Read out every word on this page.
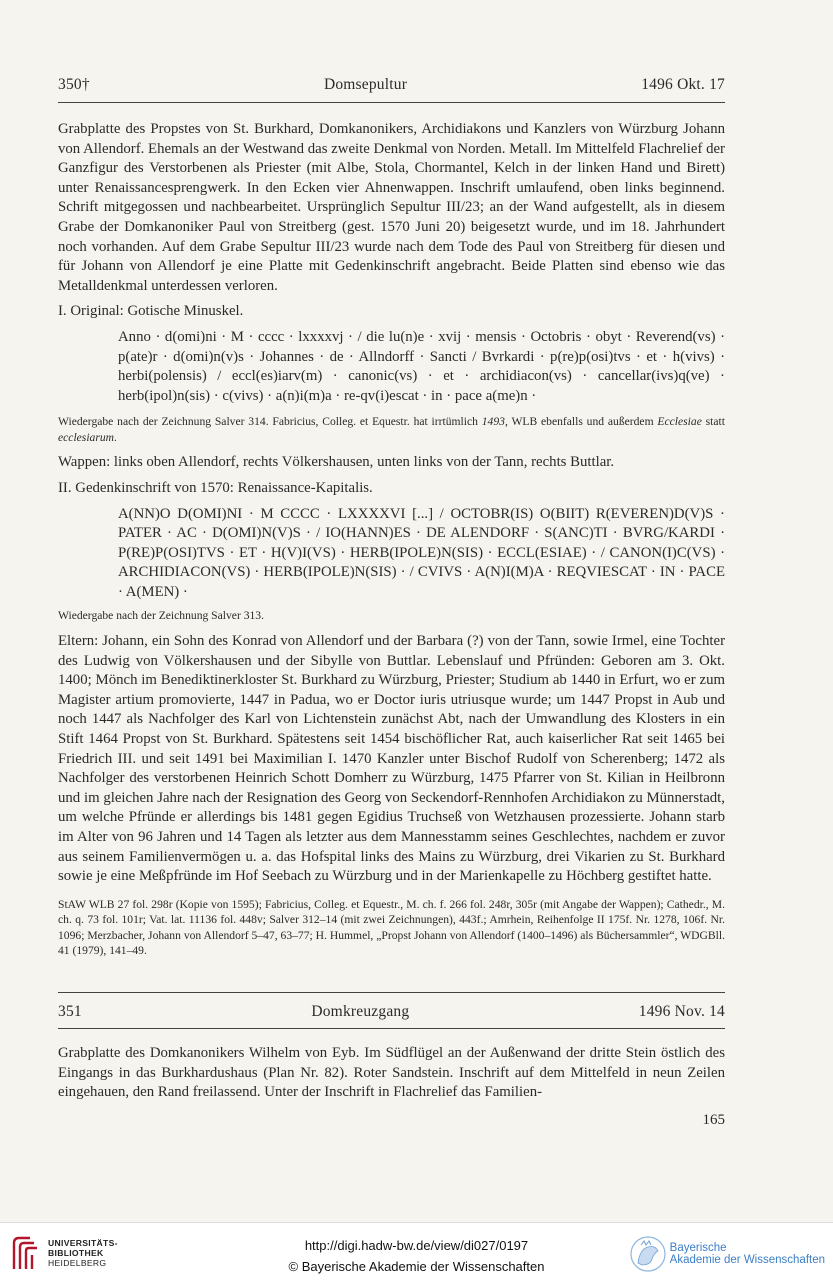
350†	Domsepultur	1496 Okt. 17

Grabplatte des Propstes von St. Burkhard, Domkanonikers, Archidiakons und Kanzlers von Würzburg Johann von Allendorf. Ehemals an der Westwand das zweite Denkmal von Norden. Metall. Im Mittelfeld Flachrelief der Ganzfigur des Verstorbenen als Priester (mit Albe, Stola, Chormantel, Kelch in der linken Hand und Birett) unter Renaissancesprengwerk. In den Ecken vier Ahnenwappen. Inschrift umlaufend, oben links beginnend. Schrift mitgegossen und nachbearbeitet. Ursprünglich Sepultur III/23; an der Wand aufgestellt, als in diesem Grabe der Domkanoniker Paul von Streitberg (gest. 1570 Juni 20) beigesetzt wurde, und im 18. Jahrhundert noch vorhanden. Auf dem Grabe Sepultur III/23 wurde nach dem Tode des Paul von Streitberg für diesen und für Johann von Allendorf je eine Platte mit Gedenkinschrift angebracht. Beide Platten sind ebenso wie das Metalldenkmal unterdessen verloren.

I. Original: Gotische Minuskel.

Anno · d(omi)ni · M · cccc · lxxxxvj · / die lu(n)e · xvij · mensis · Octobris · obyt · Reverend(vs) · p(ate)r · d(omi)n(v)s · Johannes · de · Allndorff · Sancti / Bvrkardi · p(re)p(osi)tvs · et · h(vivs) · herbi(polensis) / eccl(es)iarv(m) · canonic(vs) · et · archidiacon(vs) · cancellar(ivs)q(ve) · herb(ipol)n(sis) · c(vivs) · a(n)i(m)a · re-qv(i)escat · in · pace a(me)n ·

Wiedergabe nach der Zeichnung Salver 314. Fabricius, Colleg. et Equestr. hat irrtümlich 1493, WLB ebenfalls und außerdem Ecclesiae statt ecclesiarum.

Wappen: links oben Allendorf, rechts Völkershausen, unten links von der Tann, rechts Buttlar.

II. Gedenkinschrift von 1570: Renaissance-Kapitalis.

A(NN)O D(OMI)NI · M CCCC · LXXXXVI [...] / OCTOBR(IS) O(BIIT) R(EVEREN)D(V)S · PATER · AC · D(OMI)N(V)S · / IO(HANN)ES · DE ALENDORF · S(ANC)TI · BVRG/KARDI · P(RE)P(OSI)TVS · ET · H(V)I(VS) · HERB(IPOLE)N(SIS) · ECCL(ESIAE) · / CANON(I)C(VS) · ARCHIDIACON(VS) · HERB(IPOLE)N(SIS) · / CVIVS · A(N)I(M)A · REQVIESCAT · IN · PACE · A(MEN) ·

Wiedergabe nach der Zeichnung Salver 313.

Eltern: Johann, ein Sohn des Konrad von Allendorf und der Barbara (?) von der Tann, sowie Irmel, eine Tochter des Ludwig von Völkershausen und der Sibylle von Buttlar. Lebenslauf und Pfründen: Geboren am 3. Okt. 1400; Mönch im Benediktinerkloster St. Burkhard zu Würzburg, Priester; Studium ab 1440 in Erfurt, wo er zum Magister artium promovierte, 1447 in Padua, wo er Doctor iuris utriusque wurde; um 1447 Propst in Aub und noch 1447 als Nachfolger des Karl von Lichtenstein zunächst Abt, nach der Umwandlung des Klosters in ein Stift 1464 Propst von St. Burkhard. Spätestens seit 1454 bischöflicher Rat, auch kaiserlicher Rat seit 1465 bei Friedrich III. und seit 1491 bei Maximilian I. 1470 Kanzler unter Bischof Rudolf von Scherenberg; 1472 als Nachfolger des verstorbenen Heinrich Schott Domherr zu Würzburg, 1475 Pfarrer von St. Kilian in Heilbronn und im gleichen Jahre nach der Resignation des Georg von Seckendorf-Rennhofen Archidiakon zu Münnerstadt, um welche Pfründe er allerdings bis 1481 gegen Egidius Truchseß von Wetzhausen prozessierte. Johann starb im Alter von 96 Jahren und 14 Tagen als letzter aus dem Mannesstamm seines Geschlechtes, nachdem er zuvor aus seinem Familienvermögen u. a. das Hofspital links des Mains zu Würzburg, drei Vikarien zu St. Burkhard sowie je eine Meßpfründe im Hof Seebach zu Würzburg und in der Marienkapelle zu Höchberg gestiftet hatte.

StAW WLB 27 fol. 298r (Kopie von 1595); Fabricius, Colleg. et Equestr., M. ch. f. 266 fol. 248r, 305r (mit Angabe der Wappen); Cathedr., M. ch. q. 73 fol. 101r; Vat. lat. 11136 fol. 448v; Salver 312–14 (mit zwei Zeichnungen), 443f.; Amrhein, Reihenfolge II 175f. Nr. 1278, 106f. Nr. 1096; Merzbacher, Johann von Allendorf 5–47, 63–77; H. Hummel, „Propst Johann von Allendorf (1400–1496) als Büchersammler“, WDGBll. 41 (1979), 141–49.

351	Domkreuzgang	1496 Nov. 14

Grabplatte des Domkanonikers Wilhelm von Eyb. Im Südflügel an der Außenwand der dritte Stein östlich des Eingangs in das Burkhardushaus (Plan Nr. 82). Roter Sandstein. Inschrift auf dem Mittelfeld in neun Zeilen eingehauen, den Rand freilassend. Unter der Inschrift in Flachrelief das Familien-

165
UNIVERSITÄTS-
BIBLIOTHEK
HEIDELBERG
http://digi.hadw-bw.de/view/di027/0197
© Bayerische Akademie der Wissenschaften
Bayerische
Akademie der Wissenschaften
